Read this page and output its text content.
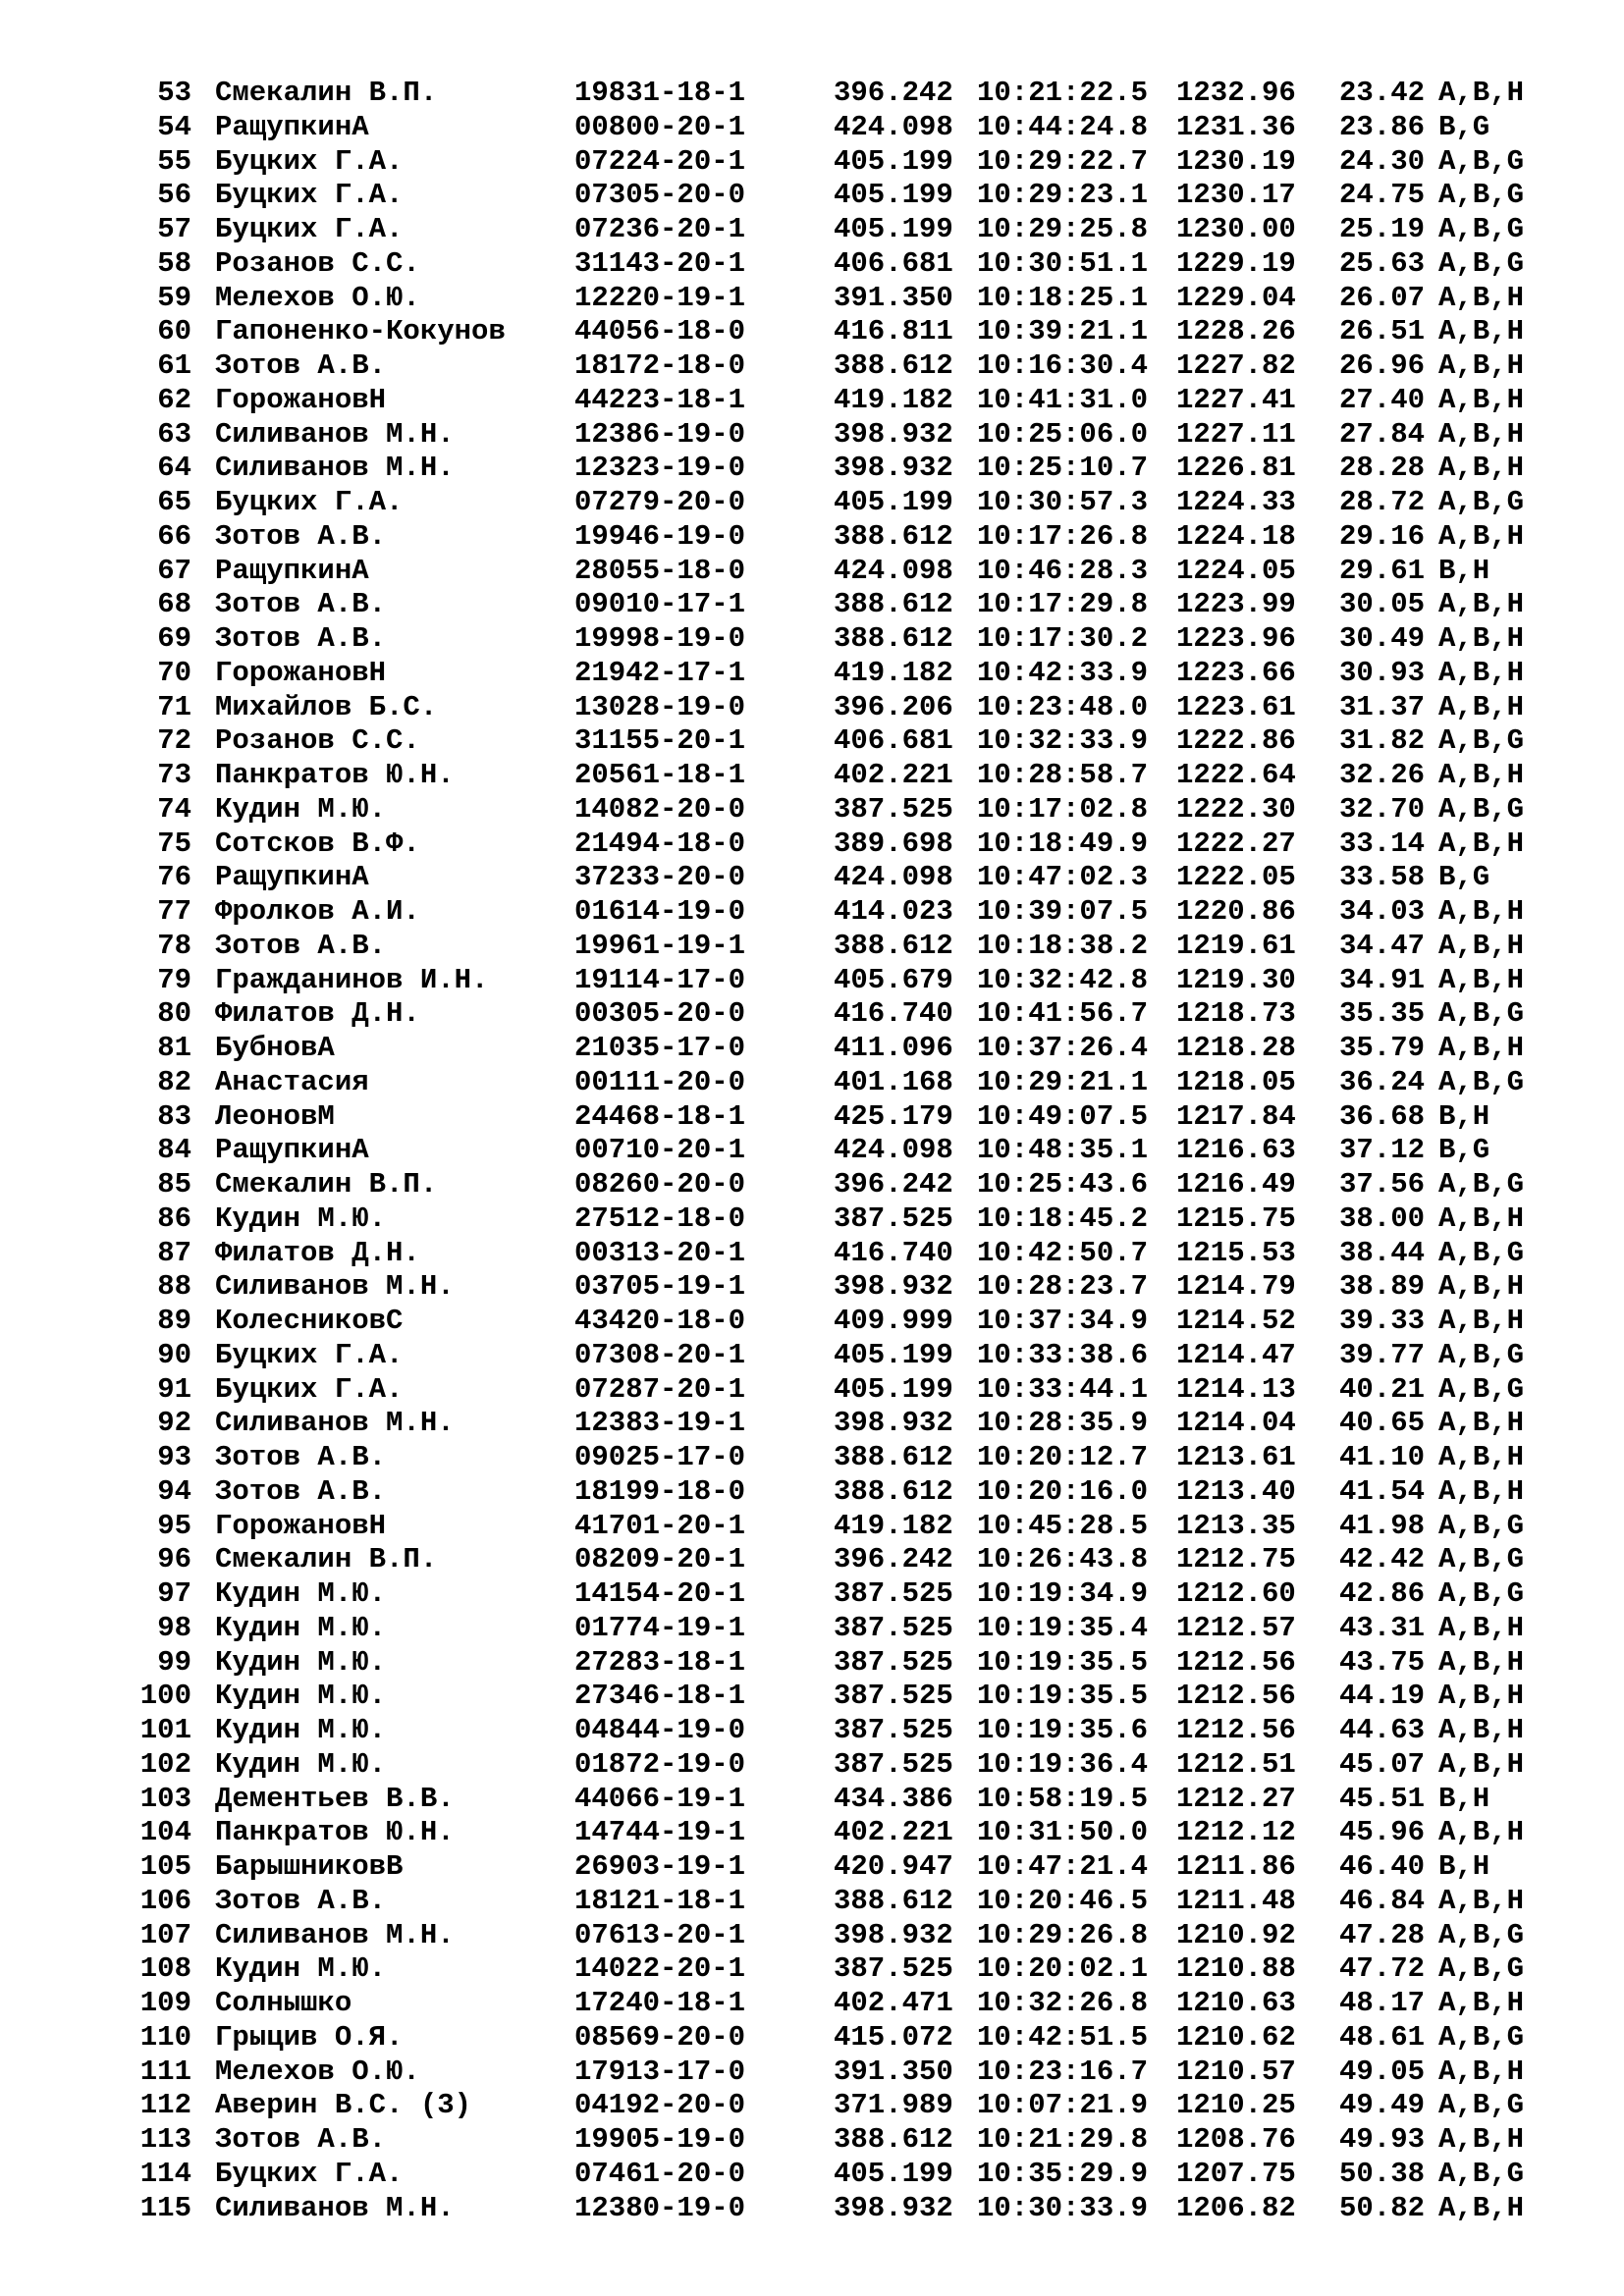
53 Смекалин В.П.	19831-18-1	396.242 10:21:22.5 1232.96	23.42 A,B,H
54 РащупкинА	00800-20-1	424.098 10:44:24.8 1231.36	23.86 B,G
55 Буцких Г.А.	07224-20-1	405.199 10:29:22.7 1230.19	24.30 A,B,G
56 Буцких Г.А.	07305-20-0	405.199 10:29:23.1 1230.17	24.75 A,B,G
57 Буцких Г.А.	07236-20-1	405.199 10:29:25.8 1230.00	25.19 A,B,G
58 Розанов С.С.	31143-20-1	406.681 10:30:51.1 1229.19	25.63 A,B,G
59 Мелехов О.Ю.	12220-19-1	391.350 10:18:25.1 1229.04	26.07 A,B,H
60 Гапоненко-Кокунов	44056-18-0	416.811 10:39:21.1 1228.26	26.51 A,B,H
61 Зотов А.В.	18172-18-0	388.612 10:16:30.4 1227.82	26.96 A,B,H
62 ГорожановН	44223-18-1	419.182 10:41:31.0 1227.41	27.40 A,B,H
63 Силиванов М.Н.	12386-19-0	398.932 10:25:06.0 1227.11	27.84 A,B,H
64 Силиванов М.Н.	12323-19-0	398.932 10:25:10.7 1226.81	28.28 A,B,H
65 Буцких Г.А.	07279-20-0	405.199 10:30:57.3 1224.33	28.72 A,B,G
66 Зотов А.В.	19946-19-0	388.612 10:17:26.8 1224.18	29.16 A,B,H
67 РащупкинА	28055-18-0	424.098 10:46:28.3 1224.05	29.61 B,H
68 Зотов А.В.	09010-17-1	388.612 10:17:29.8 1223.99	30.05 A,B,H
69 Зотов А.В.	19998-19-0	388.612 10:17:30.2 1223.96	30.49 A,B,H
70 ГорожановН	21942-17-1	419.182 10:42:33.9 1223.66	30.93 A,B,H
71 Михайлов Б.С.	13028-19-0	396.206 10:23:48.0 1223.61	31.37 A,B,H
72 Розанов С.С.	31155-20-1	406.681 10:32:33.9 1222.86	31.82 A,B,G
73 Панкратов Ю.Н.	20561-18-1	402.221 10:28:58.7 1222.64	32.26 A,B,H
74 Кудин М.Ю.	14082-20-0	387.525 10:17:02.8 1222.30	32.70 A,B,G
75 Сотсков В.Ф.	21494-18-0	389.698 10:18:49.9 1222.27	33.14 A,B,H
76 РащупкинА	37233-20-0	424.098 10:47:02.3 1222.05	33.58 B,G
77 Фролков А.И.	01614-19-0	414.023 10:39:07.5 1220.86	34.03 A,B,H
78 Зотов А.В.	19961-19-1	388.612 10:18:38.2 1219.61	34.47 A,B,H
79 Гражданинов И.Н.	19114-17-0	405.679 10:32:42.8 1219.30	34.91 A,B,H
80 Филатов Д.Н.	00305-20-0	416.740 10:41:56.7 1218.73	35.35 A,B,G
81 БубновА	21035-17-0	411.096 10:37:26.4 1218.28	35.79 A,B,H
82 Анастасия	00111-20-0	401.168 10:29:21.1 1218.05	36.24 A,B,G
83 ЛеоновМ	24468-18-1	425.179 10:49:07.5 1217.84	36.68 B,H
84 РащупкинА	00710-20-1	424.098 10:48:35.1 1216.63	37.12 B,G
85 Смекалин В.П.	08260-20-0	396.242 10:25:43.6 1216.49	37.56 A,B,G
86 Кудин М.Ю.	27512-18-0	387.525 10:18:45.2 1215.75	38.00 A,B,H
87 Филатов Д.Н.	00313-20-1	416.740 10:42:50.7 1215.53	38.44 A,B,G
88 Силиванов М.Н.	03705-19-1	398.932 10:28:23.7 1214.79	38.89 A,B,H
89 КолесниковС	43420-18-0	409.999 10:37:34.9 1214.52	39.33 A,B,H
90 Буцких Г.А.	07308-20-1	405.199 10:33:38.6 1214.47	39.77 A,B,G
91 Буцких Г.А.	07287-20-1	405.199 10:33:44.1 1214.13	40.21 A,B,G
92 Силиванов М.Н.	12383-19-1	398.932 10:28:35.9 1214.04	40.65 A,B,H
93 Зотов А.В.	09025-17-0	388.612 10:20:12.7 1213.61	41.10 A,B,H
94 Зотов А.В.	18199-18-0	388.612 10:20:16.0 1213.40	41.54 A,B,H
95 ГорожановН	41701-20-1	419.182 10:45:28.5 1213.35	41.98 A,B,G
96 Смекалин В.П.	08209-20-1	396.242 10:26:43.8 1212.75	42.42 A,B,G
97 Кудин М.Ю.	14154-20-1	387.525 10:19:34.9 1212.60	42.86 A,B,G
98 Кудин М.Ю.	01774-19-1	387.525 10:19:35.4 1212.57	43.31 A,B,H
99 Кудин М.Ю.	27283-18-1	387.525 10:19:35.5 1212.56	43.75 A,B,H
100 Кудин М.Ю.	27346-18-1	387.525 10:19:35.5 1212.56	44.19 A,B,H
101 Кудин М.Ю.	04844-19-0	387.525 10:19:35.6 1212.56	44.63 A,B,H
102 Кудин М.Ю.	01872-19-0	387.525 10:19:36.4 1212.51	45.07 A,B,H
103 Дементьев В.В.	44066-19-1	434.386 10:58:19.5 1212.27	45.51 B,H
104 Панкратов Ю.Н.	14744-19-1	402.221 10:31:50.0 1212.12	45.96 A,B,H
105 БарышниковВ	26903-19-1	420.947 10:47:21.4 1211.86	46.40 B,H
106 Зотов А.В.	18121-18-1	388.612 10:20:46.5 1211.48	46.84 A,B,H
107 Силиванов М.Н.	07613-20-1	398.932 10:29:26.8 1210.92	47.28 A,B,G
108 Кудин М.Ю.	14022-20-1	387.525 10:20:02.1 1210.88	47.72 A,B,G
109 Солнышко	17240-18-1	402.471 10:32:26.8 1210.63	48.17 A,B,H
110 Грыцив О.Я.	08569-20-0	415.072 10:42:51.5 1210.62	48.61 A,B,G
111 Мелехов О.Ю.	17913-17-0	391.350 10:23:16.7 1210.57	49.05 A,B,H
112 Аверин В.С. (3)	04192-20-0	371.989 10:07:21.9 1210.25	49.49 A,B,G
113 Зотов А.В.	19905-19-0	388.612 10:21:29.8 1208.76	49.93 A,B,H
114 Буцких Г.А.	07461-20-0	405.199 10:35:29.9 1207.75	50.38 A,B,G
115 Силиванов М.Н.	12380-19-0	398.932 10:30:33.9 1206.82	50.82 A,B,H
